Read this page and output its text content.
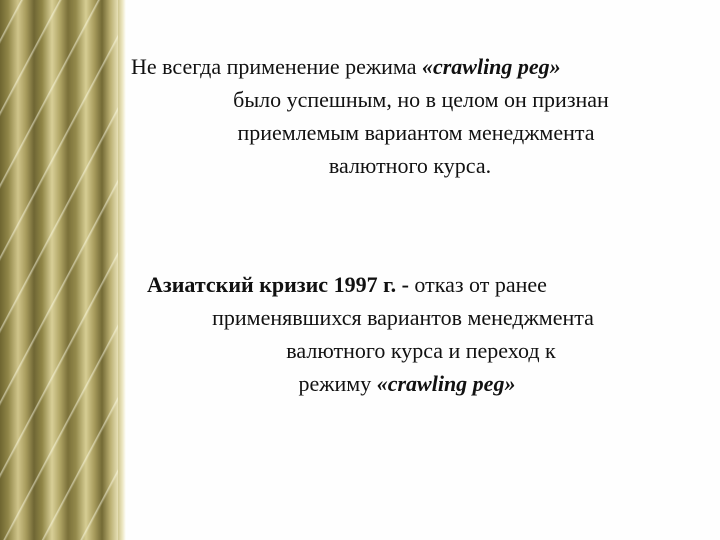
Не всегда применение режима «crawling peg»
было успешным, но в целом он признан
приемлемым вариантом менеджмента
валютного курса.
Азиатский кризис 1997 г. - отказ от ранее
применявшихся вариантов менеджмента
валютного курса и переход к
режиму «crawling peg»
